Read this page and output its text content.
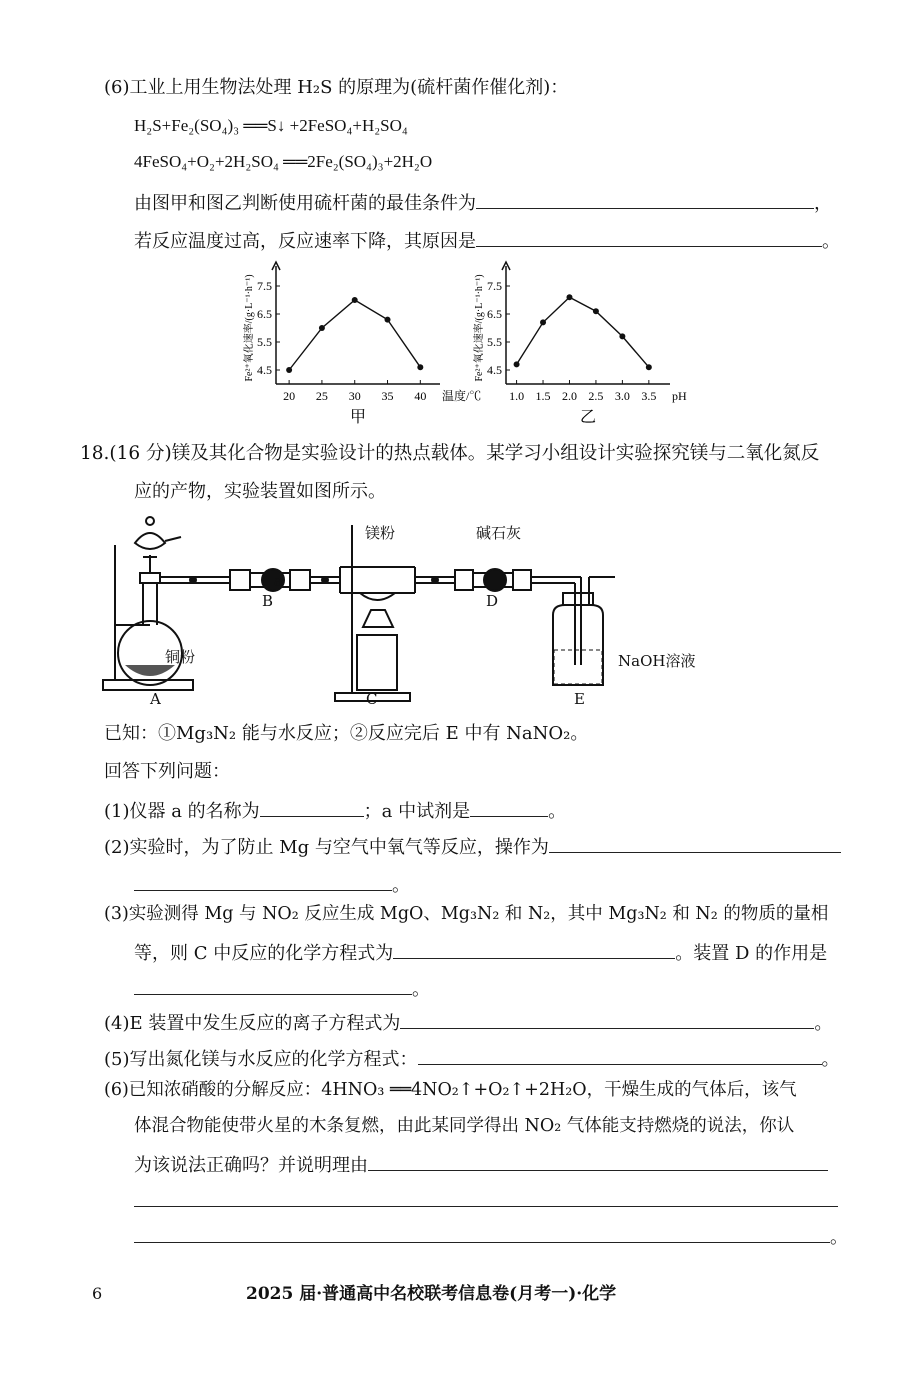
(6)工业上用生物法处理 H₂S 的原理为(硫杆菌作催化剂)：
H₂S+Fe₂(SO₄)₃ ══S↓ +2FeSO₄+H₂SO₄
4FeSO₄+O₂+2H₂SO₄ ══2Fe₂(SO₄)₃+2H₂O
由图甲和图乙判断使用硫杆菌的最佳条件为	，
若反应温度过高，反应速率下降，其原因是	。
4.5
5.5
6.5
7.5
20 25 30 35 40 温度/℃
Fe²⁺氧化速率/(g·L⁻¹·h⁻¹)
甲
4.5
5.5
6.5
7.5
1.0 1.5 2.0 2.5 3.0 3.5 pH
Fe²⁺氧化速率/(g·L⁻¹·h⁻¹)
乙
18.(16 分)镁及其化合物是实验设计的热点载体。某学习小组设计实验探究镁与二氧化氮反
应的产物，实验装置如图所示。
a
铜粉
镁粉	碱石灰
NaOH溶液
A
B
C
D
E
已知：①Mg₃N₂ 能与水反应；②反应完后 E 中有 NaNO₂。
回答下列问题：
(1)仪器 a 的名称为	；a 中试剂是	。
(2)实验时，为了防止 Mg 与空气中氧气等反应，操作为
。
(3)实验测得 Mg 与 NO₂ 反应生成 MgO、Mg₃N₂ 和 N₂，其中 Mg₃N₂ 和 N₂ 的物质的量相
等，则 C 中反应的化学方程式为	。装置 D 的作用是
。
(4)E 装置中发生反应的离子方程式为	。
(5)写出氮化镁与水反应的化学方程式：	。
(6)已知浓硝酸的分解反应：4HNO₃ ══4NO₂↑+O₂↑+2H₂O，干燥生成的气体后，该气
体混合物能使带火星的木条复燃，由此某同学得出 NO₂ 气体能支持燃烧的说法，你认
为该说法正确吗？并说明理由
。
6	2025 届·普通高中名校联考信息卷(月考一)·化学
